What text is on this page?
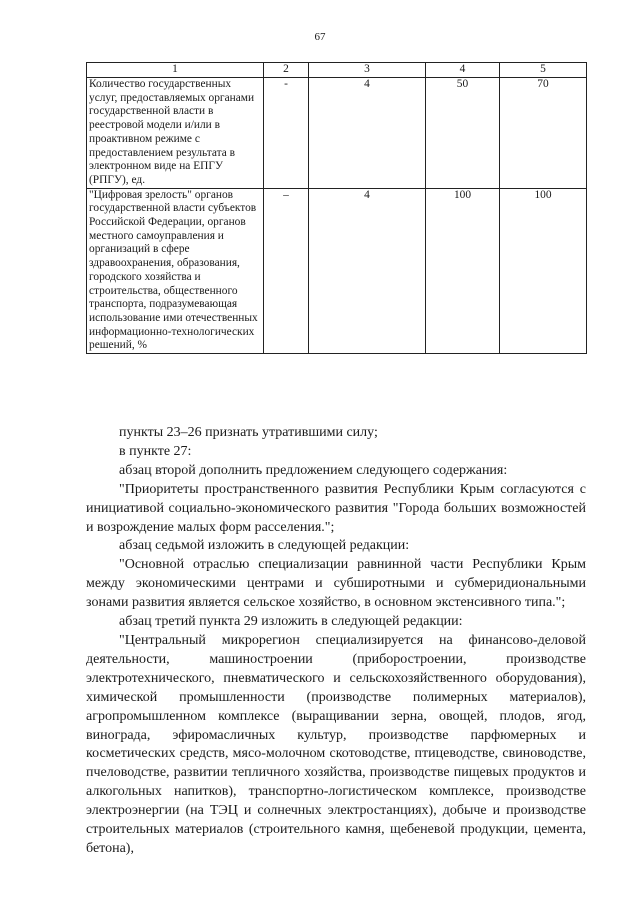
67
1	2	3	4	5
Количество государственных услуг, предоставляемых органами государственной власти в реестровой модели и/или в проактивном режиме с предоставлением результата в электронном виде на ЕПГУ (РПГУ), ед.	-	4	50	70
"Цифровая зрелость" органов государственной власти субъектов Российской Федерации, органов местного самоуправления и организаций в сфере здравоохранения, образования, городского хозяйства и строительства, общественного транспорта, подразумевающая использование ими отечественных информационно-технологических решений, %	–	4	100	100

пункты 23–26 признать утратившими силу;

в пункте 27:

абзац второй дополнить предложением следующего содержания:

"Приоритеты пространственного развития Республики Крым согласуются с инициативой социально-экономического развития "Города больших возможностей и возрождение малых форм расселения.";

абзац седьмой изложить в следующей редакции:

"Основной отраслью специализации равнинной части Республики Крым между экономическими центрами и субширотными и субмеридиональными зонами развития является сельское хозяйство, в основном экстенсивного типа.";

абзац третий пункта 29 изложить в следующей редакции:

"Центральный микрорегион специализируется на финансово-деловой деятельности, машиностроении (приборостроении, производстве электротехнического, пневматического и сельскохозяйственного оборудования), химической промышленности (производстве полимерных материалов), агропромышленном комплексе (выращивании зерна, овощей, плодов, ягод, винограда, эфиромасличных культур, производстве парфюмерных и косметических средств, мясо-молочном скотоводстве, птицеводстве, свиноводстве, пчеловодстве, развитии тепличного хозяйства, производстве пищевых продуктов и алкогольных напитков), транспортно-логистическом комплексе, производстве электроэнергии (на ТЭЦ и солнечных электростанциях), добыче и производстве строительных материалов (строительного камня, щебеневой продукции, цемента, бетона),
